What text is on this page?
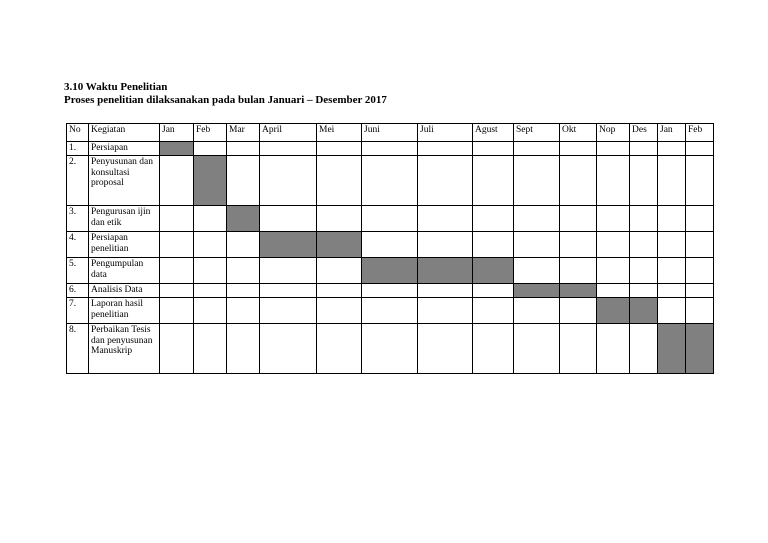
3.10 Waktu Penelitian
Proses penelitian dilaksanakan pada bulan Januari – Desember 2017
No	Kegiatan	Jan	Feb	Mar	April	Mei	Juni	Juli	Agust	Sept	Okt	Nop	Des	Jan	Feb
1.	Persiapan														
2.	Penyusunan dan konsultasi proposal														
3.	Pengurusan ijin dan etik														
4.	Persiapan penelitian														
5.	Pengumpulan data														
6.	Analisis Data														
7.	Laporan hasil penelitian														
8.	Perbaikan Tesis dan penyusunan Manuskrip														
